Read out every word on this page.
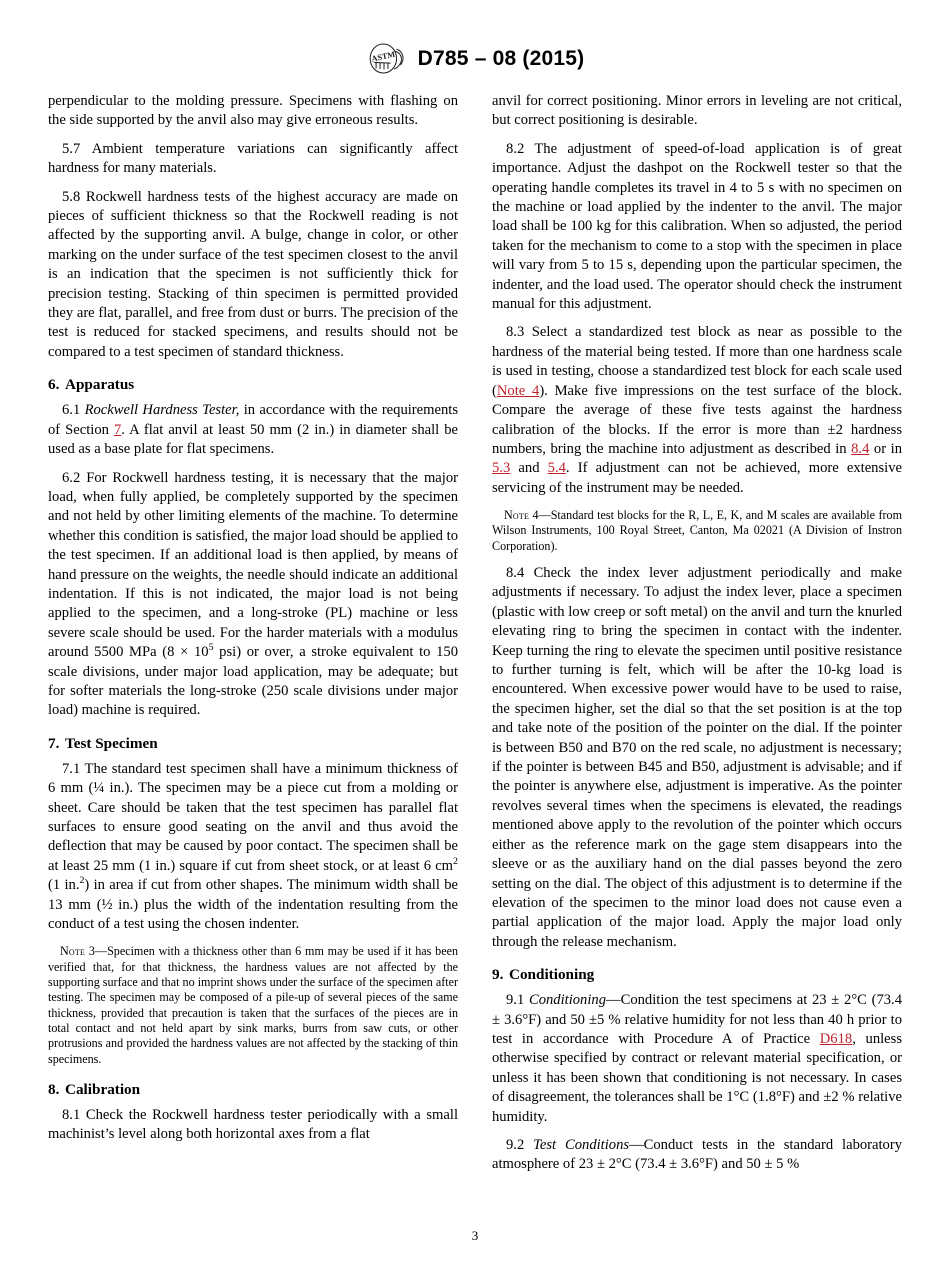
ASTM D785 – 08 (2015)

perpendicular to the molding pressure. Specimens with flashing on the side supported by the anvil also may give erroneous results.

5.7 Ambient temperature variations can significantly affect hardness for many materials.

5.8 Rockwell hardness tests of the highest accuracy are made on pieces of sufficient thickness so that the Rockwell reading is not affected by the supporting anvil. A bulge, change in color, or other marking on the under surface of the test specimen closest to the anvil is an indication that the specimen is not sufficiently thick for precision testing. Stacking of thin specimen is permitted provided they are flat, parallel, and free from dust or burrs. The precision of the test is reduced for stacked specimens, and results should not be compared to a test specimen of standard thickness.

6. Apparatus

6.1 Rockwell Hardness Tester, in accordance with the requirements of Section 7. A flat anvil at least 50 mm (2 in.) in diameter shall be used as a base plate for flat specimens.

6.2 For Rockwell hardness testing, it is necessary that the major load, when fully applied, be completely supported by the specimen and not held by other limiting elements of the machine. To determine whether this condition is satisfied, the major load should be applied to the test specimen. If an additional load is then applied, by means of hand pressure on the weights, the needle should indicate an additional indentation. If this is not indicated, the major load is not being applied to the specimen, and a long-stroke (PL) machine or less severe scale should be used. For the harder materials with a modulus around 5500 MPa ($8 \times 10^5$ psi) or over, a stroke equivalent to 150 scale divisions, under major load application, may be adequate; but for softer materials the long-stroke (250 scale divisions under major load) machine is required.

7. Test Specimen

7.1 The standard test specimen shall have a minimum thickness of 6 mm (¼ in.). The specimen may be a piece cut from a molding or sheet. Care should be taken that the test specimen has parallel flat surfaces to ensure good seating on the anvil and thus avoid the deflection that may be caused by poor contact. The specimen shall be at least 25 mm (1 in.) square if cut from sheet stock, or at least 6 $cm^2$ (1 in.$^2$) in area if cut from other shapes. The minimum width shall be 13 mm (½ in.) plus the width of the indentation resulting from the conduct of a test using the chosen indenter.

Note 3—Specimen with a thickness other than 6 mm may be used if it has been verified that, for that thickness, the hardness values are not affected by the supporting surface and that no imprint shows under the surface of the specimen after testing. The specimen may be composed of a pile-up of several pieces of the same thickness, provided that precaution is taken that the surfaces of the pieces are in total contact and not held apart by sink marks, burrs from saw cuts, or other protrusions and provided the hardness values are not affected by the stacking of thin specimens.

8. Calibration

8.1 Check the Rockwell hardness tester periodically with a small machinist’s level along both horizontal axes from a flat

anvil for correct positioning. Minor errors in leveling are not critical, but correct positioning is desirable.

8.2 The adjustment of speed-of-load application is of great importance. Adjust the dashpot on the Rockwell tester so that the operating handle completes its travel in 4 to 5 s with no specimen on the machine or load applied by the indenter to the anvil. The major load shall be 100 kg for this calibration. When so adjusted, the period taken for the mechanism to come to a stop with the specimen in place will vary from 5 to 15 s, depending upon the particular specimen, the indenter, and the load used. The operator should check the instrument manual for this adjustment.

8.3 Select a standardized test block as near as possible to the hardness of the material being tested. If more than one hardness scale is used in testing, choose a standardized test block for each scale used (Note 4). Make five impressions on the test surface of the block. Compare the average of these five tests against the hardness calibration of the blocks. If the error is more than ±2 hardness numbers, bring the machine into adjustment as described in 8.4 or in 5.3 and 5.4. If adjustment can not be achieved, more extensive servicing of the instrument may be needed.

Note 4—Standard test blocks for the R, L, E, K, and M scales are available from Wilson Instruments, 100 Royal Street, Canton, Ma 02021 (A Division of Instron Corporation).

8.4 Check the index lever adjustment periodically and make adjustments if necessary. To adjust the index lever, place a specimen (plastic with low creep or soft metal) on the anvil and turn the knurled elevating ring to bring the specimen in contact with the indenter. Keep turning the ring to elevate the specimen until positive resistance to further turning is felt, which will be after the 10-kg load is encountered. When excessive power would have to be used to raise, the specimen higher, set the dial so that the set position is at the top and take note of the position of the pointer on the dial. If the pointer is between B50 and B70 on the red scale, no adjustment is necessary; if the pointer is between B45 and B50, adjustment is advisable; and if the pointer is anywhere else, adjustment is imperative. As the pointer revolves several times when the specimens is elevated, the readings mentioned above apply to the revolution of the pointer which occurs either as the reference mark on the gage stem disappears into the sleeve or as the auxiliary hand on the dial passes beyond the zero setting on the dial. The object of this adjustment is to determine if the elevation of the specimen to the minor load does not cause even a partial application of the major load. Apply the major load only through the release mechanism.

9. Conditioning

9.1 Conditioning—Condition the test specimens at 23 ± 2°C (73.4 ± 3.6°F) and 50 ±5 % relative humidity for not less than 40 h prior to test in accordance with Procedure A of Practice D618, unless otherwise specified by contract or relevant material specification, or unless it has been shown that conditioning is not necessary. In cases of disagreement, the tolerances shall be 1°C (1.8°F) and ±2 % relative humidity.

9.2 Test Conditions—Conduct tests in the standard laboratory atmosphere of 23 ± 2°C (73.4 ± 3.6°F) and 50 ± 5 %

3
